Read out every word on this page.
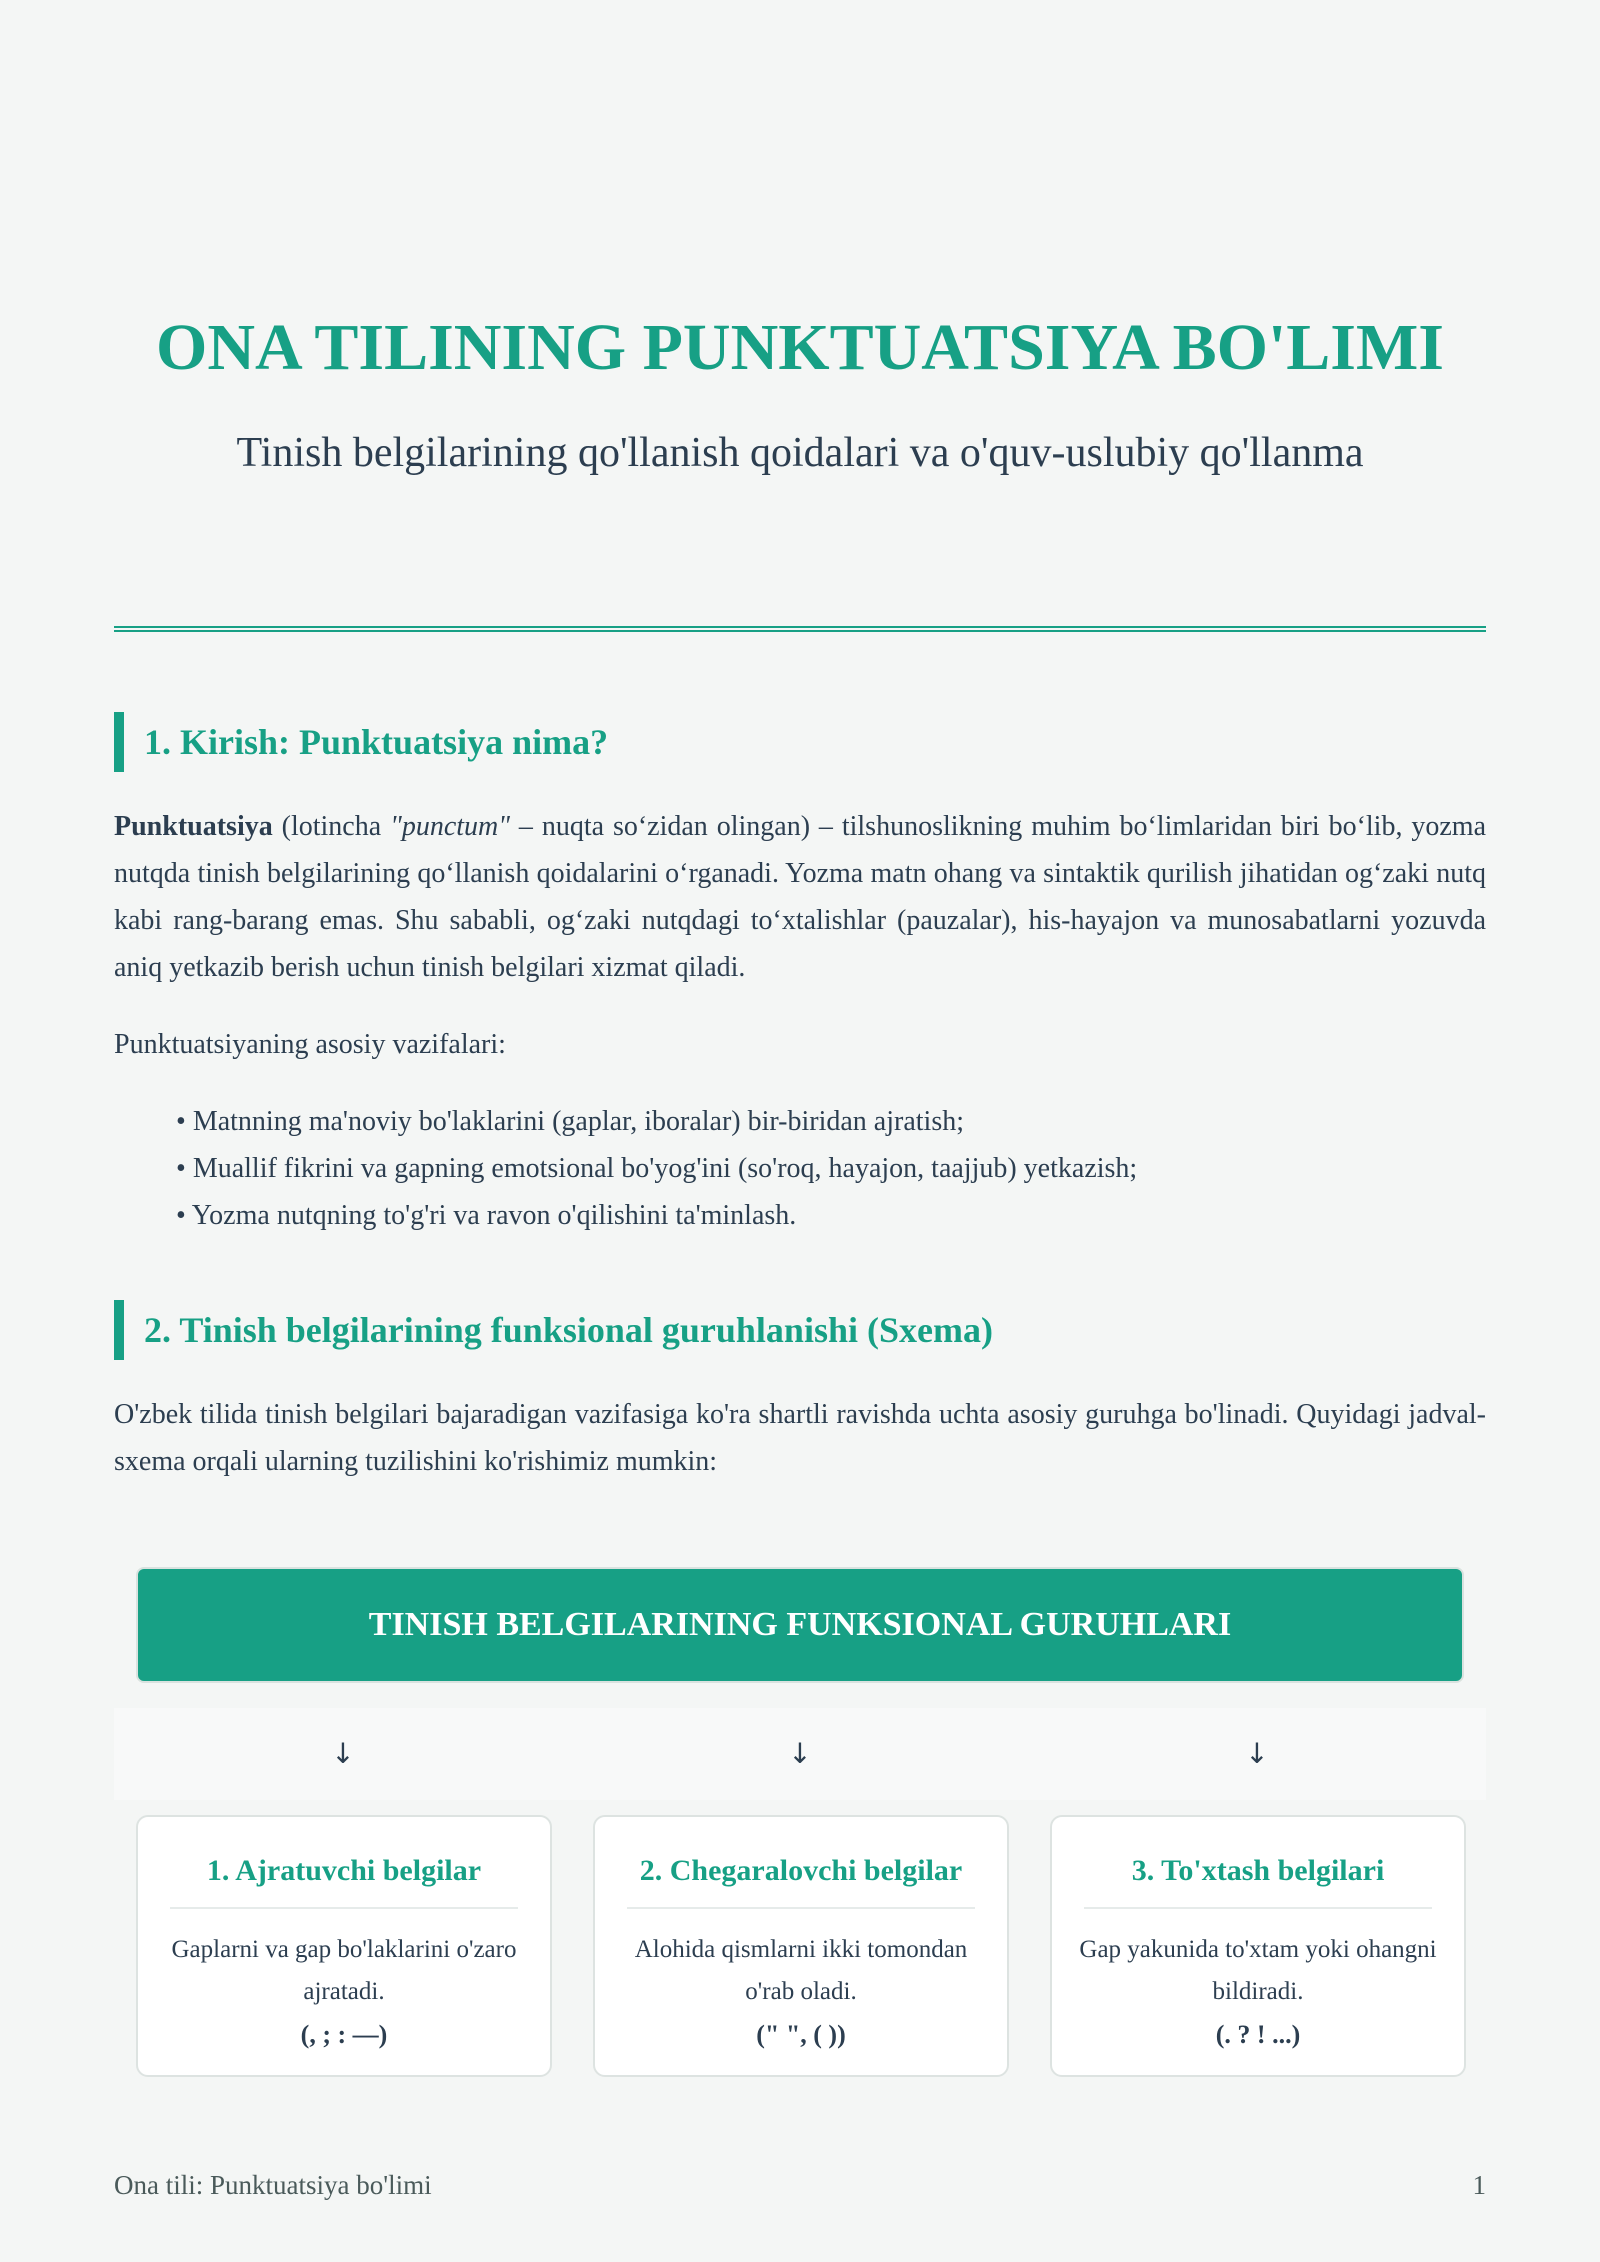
ONA TILINING PUNKTUATSIYA BO'LIMI
Tinish belgilarining qo'llanish qoidalari va o'quv-uslubiy qo'llanma
1. Kirish: Punktuatsiya nima?

Punktuatsiya (lotincha "punctum" – nuqta so‘zidan olingan) – tilshunoslikning muhim bo‘limlaridan biri bo‘lib, yozma nutqda tinish belgilarining qo‘llanish qoidalarini o‘rganadi. Yozma matn ohang va sintaktik qurilish jihatidan og‘zaki nutq kabi rang-barang emas. Shu sababli, og‘zaki nutqdagi to‘xtalishlar (pauzalar), his-hayajon va munosabatlarni yozuvda aniq yetkazib berish uchun tinish belgilari xizmat qiladi.

Punktuatsiyaning asosiy vazifalari:

• Matnning ma'noviy bo'laklarini (gaplar, iboralar) bir-biridan ajratish;
• Muallif fikrini va gapning emotsional bo'yog'ini (so'roq, hayajon, taajjub) yetkazish;
• Yozma nutqning to'g'ri va ravon o'qilishini ta'minlash.
2. Tinish belgilarining funksional guruhlanishi (Sxema)

O'zbek tilida tinish belgilari bajaradigan vazifasiga ko'ra shartli ravishda uchta asosiy guruhga bo'linadi. Quyidagi jadval-sxema orqali ularning tuzilishini ko'rishimiz mumkin:

TINISH BELGILARINING FUNKSIONAL GURUHLARI
↓	↓	↓
1. Ajratuvchi belgilar
Gaplarni va gap bo'laklarini o'zaro ajratadi.
(, ; : —)
2. Chegaralovchi belgilar
Alohida qismlarni ikki tomondan o'rab oladi.
(" ", ( ))
3. To'xtash belgilari
Gap yakunida to'xtam yoki ohangni bildiradi.
(. ? ! ...)
Ona tili: Punktuatsiya bo'limi	1
